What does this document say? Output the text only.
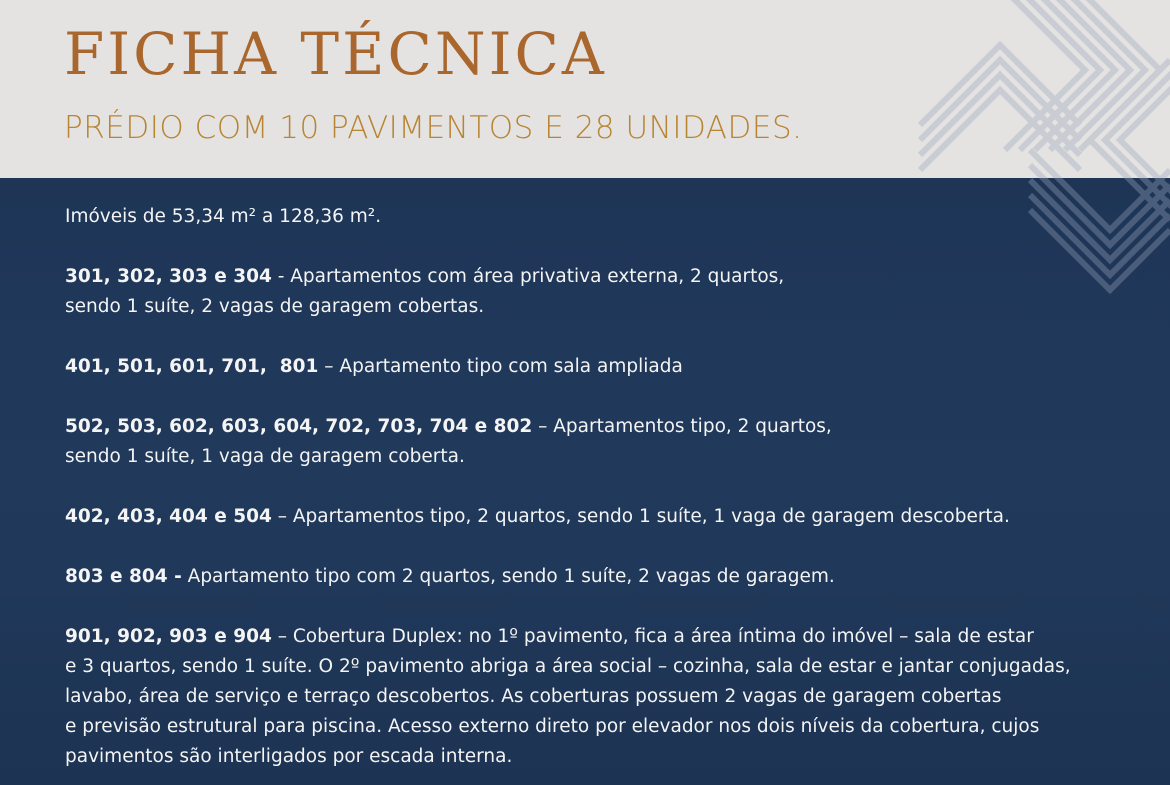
FICHA TÉCNICA
PRÉDIO COM 10 PAVIMENTOS E 28 UNIDADES.

Imóveis de 53,34 m² a 128,36 m².

301, 302, 303 e 304 - Apartamentos com área privativa externa, 2 quartos,
sendo 1 suíte, 2 vagas de garagem cobertas.

401, 501, 601, 701,  801 – Apartamento tipo com sala ampliada

502, 503, 602, 603, 604, 702, 703, 704 e 802 – Apartamentos tipo, 2 quartos,
sendo 1 suíte, 1 vaga de garagem coberta.

402, 403, 404 e 504 – Apartamentos tipo, 2 quartos, sendo 1 suíte, 1 vaga de garagem descoberta.

803 e 804 - Apartamento tipo com 2 quartos, sendo 1 suíte, 2 vagas de garagem.

901, 902, 903 e 904 – Cobertura Duplex: no 1º pavimento, fica a área íntima do imóvel – sala de estar
e 3 quartos, sendo 1 suíte. O 2º pavimento abriga a área social – cozinha, sala de estar e jantar conjugadas,
lavabo, área de serviço e terraço descobertos. As coberturas possuem 2 vagas de garagem cobertas
e previsão estrutural para piscina. Acesso externo direto por elevador nos dois níveis da cobertura, cujos
pavimentos são interligados por escada interna.
